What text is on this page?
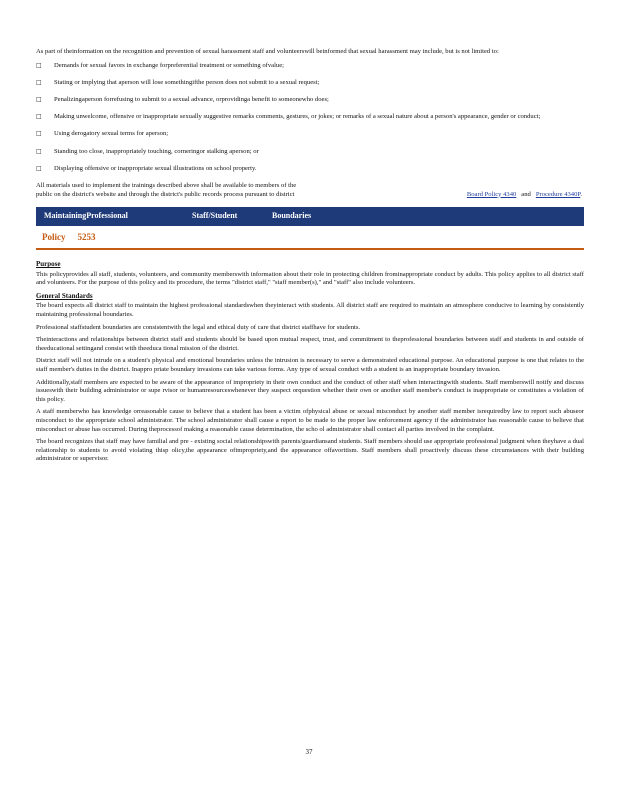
As part of theinformation on the recognition and prevention of sexual harassment staff and volunteerswill beinformed that sexual harassment may include, but is not limited to:

□ Demands for sexual favors in exchange forpreferential treatment or something ofvalue;
□ Stating or implying that aperson will lose somethingifthe person does not submit to a sexual request;
□ Penalizingaperson forrefusing to submit to a sexual advance, orprovidinga benefit to someonewho does;
□ Making unwelcome, offensive or inappropriate sexually suggestive remarks comments, gestures, or jokes; or remarks of a sexual nature about a person's appearance, gender or conduct;
□ Using derogatory sexual terms for aperson;
□ Standing too close, inappropriately touching, corneringor stalking aperson; or
□ Displaying offensive or inappropriate sexual illustrations on school property.
All materials used to implement the trainings described above shall be available to members of the public on the district's website and through the district's public records process pursuant to district	Board Policy 4340 and Procedure 4340P.
MaintainingProfessional	Staff/Student	Boundaries
Policy 5253
Purpose

This policyprovides all staff, students, volunteers, and community memberswith information about their role in protecting children frominappropriate conduct by adults. This policy applies to all district staff and volunteers. For the purpose of this policy and its procedure, the terms "district staff," "staff member(s)," and "staff" also include volunteers.

General Standards

The board expects all district staff to maintain the highest professional standardswhen theyinteract with students. All district staff are required to maintain an atmosphere conducive to learning by consistently maintaining professional boundaries.

Professional staffstudent boundaries are consistentwith the legal and ethical duty of care that district staffhave for students.

Theinteractions and relationships between district staff and students should be based upon mutual respect, trust, and commitment to theprofessional boundaries between staff and students in and outside of theeducational settingand consist with theeduca tional mission of the district.

District staff will not intrude on a student's physical and emotional boundaries unless the intrusion is necessary to serve a demonstrated educational purpose. An educational purpose is one that relates to the staff member's duties in the district. Inappro priate boundary invasions can take various forms. Any type of sexual conduct with a student is an inappropriate boundary invasion.

Additionally,staff members are expected to be aware of the appearance of impropriety in their own conduct and the conduct of other staff when interactingwith students. Staff memberswill notify and discuss issueswith their building administrator or supe rvisor or humanresourceswhenever they suspect orquestion whether their own or another staff member's conduct is inappropriate or constitutes a violation of this policy.

A staff memberwho has knowledge orreasonable cause to believe that a student has been a victim ofphysical abuse or sexual misconduct by another staff member isrequiredby law to report such abuseor misconduct to the appropriate school administrator. The school administrator shall cause a report to be made to the proper law enforcement agency if the administrator has reasonable cause to believe that misconduct or abuse has occurred. During theprocessof making a reasonable cause determination, the scho ol administrator shall contact all parties involved in the complaint.

The board recognizes that staff may have familial and pre - existing social relationshipswith parents/guardiansand students. Staff members should use appropriate professional judgment when theyhave a dual relationship to students to avoid violating thisp olicy,the appearance ofimpropriety,and the appearance offavoritism. Staff members shall proactively discuss these circumstances with their building administrator or supervisor.

37
